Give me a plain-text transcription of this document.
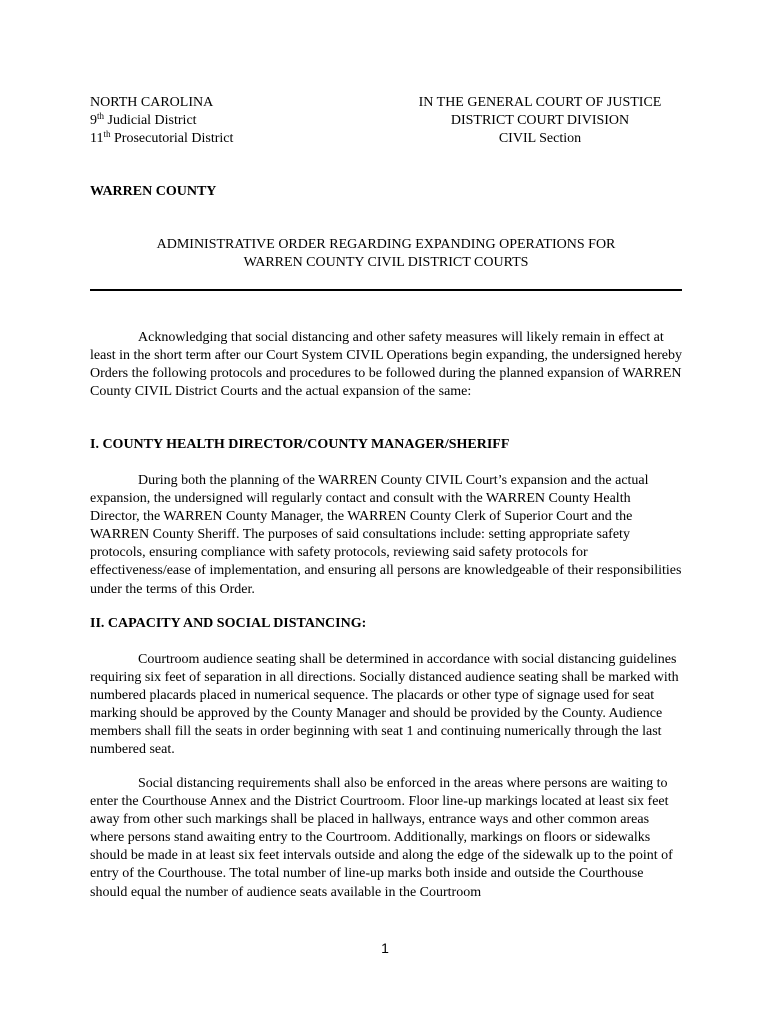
NORTH CAROLINA
9th Judicial District
11th Prosecutorial District
IN THE GENERAL COURT OF JUSTICE
DISTRICT COURT DIVISION
CIVIL Section
WARREN COUNTY
ADMINISTRATIVE ORDER REGARDING EXPANDING OPERATIONS FOR
WARREN COUNTY CIVIL DISTRICT COURTS
Acknowledging that social distancing and other safety measures will likely remain in effect at least in the short term after our Court System CIVIL Operations begin expanding, the undersigned hereby Orders the following protocols and procedures to be followed during the planned expansion of WARREN County CIVIL District Courts and the actual expansion of the same:
I. COUNTY HEALTH DIRECTOR/COUNTY MANAGER/SHERIFF
During both the planning of the WARREN County CIVIL Court’s expansion and the actual expansion, the undersigned will regularly contact and consult with the WARREN County Health Director, the WARREN County Manager, the WARREN County Clerk of Superior Court and the WARREN County Sheriff. The purposes of said consultations include: setting appropriate safety protocols, ensuring compliance with safety protocols, reviewing said safety protocols for effectiveness/ease of implementation, and ensuring all persons are knowledgeable of their responsibilities under the terms of this Order.
II. CAPACITY AND SOCIAL DISTANCING:
Courtroom audience seating shall be determined in accordance with social distancing guidelines requiring six feet of separation in all directions. Socially distanced audience seating shall be marked with numbered placards placed in numerical sequence. The placards or other type of signage used for seat marking should be approved by the County Manager and should be provided by the County. Audience members shall fill the seats in order beginning with seat 1 and continuing numerically through the last numbered seat.
Social distancing requirements shall also be enforced in the areas where persons are waiting to enter the Courthouse Annex and the District Courtroom. Floor line-up markings located at least six feet away from other such markings shall be placed in hallways, entrance ways and other common areas where persons stand awaiting entry to the Courtroom. Additionally, markings on floors or sidewalks should be made in at least six feet intervals outside and along the edge of the sidewalk up to the point of entry of the Courthouse. The total number of line-up marks both inside and outside the Courthouse should equal the number of audience seats available in the Courtroom
1
